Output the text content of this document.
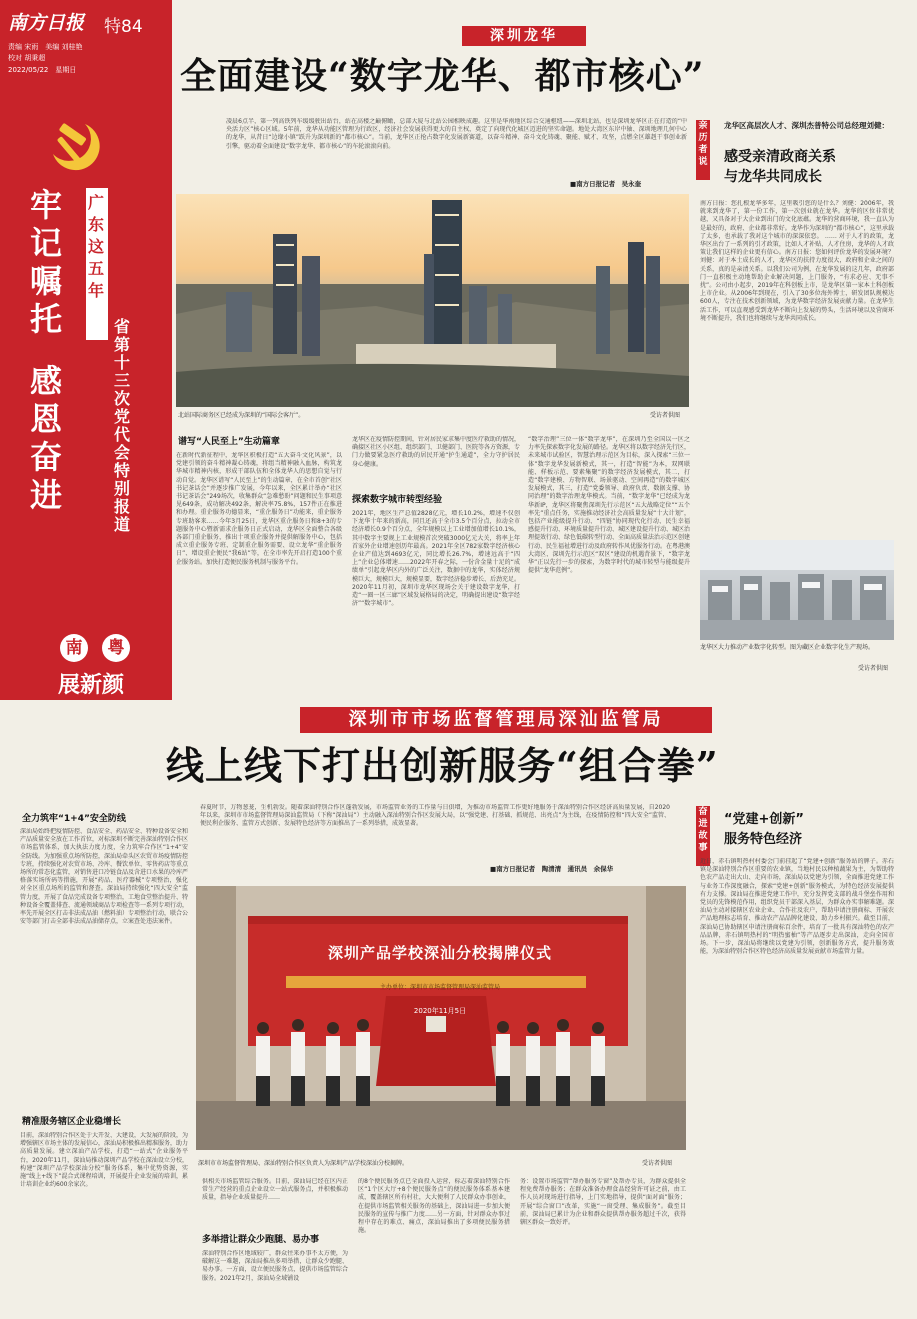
南方日报 特84
责编 宋雨　美编 刘桂艳
校对 胡秉超
2022/05/22　星期日
牢记嘱托
感恩奋进
广东这五年
省第十三次党代会特别报道
南	粤
展新颜
深圳龙华
全面建设“数字龙华、都市核心”
凌晨6点半，第一列高铁列车缓缓驶出站台，站在高楼之巅俯瞰，总部大厦与北站公园相映成趣。这里是华南地区综合交通枢纽——深圳北站，也是深圳龙华区正在打造的“中央活力区”核心区域。5年前，龙华从功能区管理为行政区，经济社会发展获得更大的自主权，奠定了向现代化城区迈进的坚实命题。地处大湾区东岸中轴、深圳地理几何中心的龙华，从昔日“边缘小镇”跃升为深圳新的“都市核心”。当前，龙华区正抢占数字化发展新赛道，以奋斗精神、奋斗文化铸魂、聚能、赋才、攻坚，点燃全区雄赳干事创业新引擎，驱动着全面建设“数字龙华、都市核心”的车轮滚滚向前。
■南方日报记者　吴永奎
北站国际商务区已经成为深圳的“国际会客厅”。	受访者供图
谱写“人民至上”生动篇章
在新时代新征程中，龙华区积极打造“五大奋斗文化风景”，以党建引领的奋斗精神凝心铸魂，将组当精神融入血脉，构筑龙华城市精神内核，形成干部队伍和全体龙华人的思想自觉与行动自觉。龙华区谱写“人民至上”的生动篇章，在全市首创“社区书记茶话会”并逐步推广发展，今年以来，全区累计举办“社区书记茶话会”249场次，收集群众“急难愁盼”问题和民生事项意见649条，成功解决492条，解决率75.8%，157件正在推进和办理。重企服务功德显来，“重企服务日”功能来，重企服务专班助客来……今年3月25日，龙华区重企服务日和8+3的专题服务中心暨新需求企服务日正式启动，龙华区全面整合各级各部门重企服务，推出十项重企服务并提供解服务中心，包括成立重企服务专班、定制重企服务需要、设立龙华“重企服务日”、增设重企便民“我6站”等，在全市率先开启打造100个重企服务站。加快打造便民服务机制与服务平台。
龙华区在疫情防控期间，针对居民家求集中度医疗救助的情况，确接区社区小区组、组织部门、卫健部门、医院等各方资源，专门力做要紧急医疗救助的居民开通“护生通道”，全力守护居民身心健康。
探索数字城市转型经验
2021年，地区生产总值2828亿元，增长10.2%，增速不仅创下龙华十年来的新高，同且还高于全市3.5个百分点，拉动全市经济增长0.9个百分点，全年规模以上工业增加值增长10.1%，其中数字主要规上工业规模首次突破3000亿元大关，将率上年首家外企业增速创历年最高。2021年全区782家数字经济核心企业产值达到4693亿元，同比增长26.7%，增速远高于“四上”企业总体增速……2022年开春之际，一份含金量十足的“成绩单”引起龙华区内外的广泛关注，数据中的龙华，实体经济规模巨大，规模巨大，规模显要，数字经济稳步增长、后劲充足。2020年11月初，深圳市龙华区现场会关于建设数字龙华，打造“一圈一区三廊”区域发展格局的决定，明确提出建设“数字经济”“数字城市”。
“数字治理”三位一体“数字龙华”，在深圳乃至全国以一区之力率先探索数字化发展的路径。龙华区将以数字经济先行区，未来城市试验区，智慧治理示范区为目标，深入探索“三位一体”数字龙华发展新模式，其一，打造“智能”为本，双网联能、样板示范、要素集聚”的数字经济发展模式，其二，打造“数字建模、方物智联、场景驱动、空间再造”的数字城区发展模式，其三，打造“党委领导、政府负责、数据支撑、协同治理”的数字治理龙华模式。当前，“数字龙华”已经成为龙华新IP，龙华区将聚焦深圳先行示范区“五大战略定位”“五个率先”重点任务，实施推动经济社会高质量发展“十大计划”，包括产业能级提升行动、“四链”协同现代化行动、民生幸福感提升行动、环境质量提升行动、城区建设提升行动、城区治理提效行动、绿色低碳转型行动、全面高质量法治示范区创建行动、民生福祉增进行动及政府转作风优服务行动。在粤港澳大湾区、深圳先行示范区“双区”建设的机遇背景下，“数字龙华”正以先行一步的探索，为数字时代的城市转型与能级提升提供“龙华范例”。
亲历者说
龙华区高层次人才、深圳杰普特公司总经理刘健：
感受亲清政商关系
与龙华共同成长
南方日报：您扎根龙华多年，这里吸引您的是什么？刘健：2006年，我就来到龙华了，第一份工作，第一次创业就在龙华。龙华的区位非常优越，又具备对于大企业到出门的文化底蕴。龙华的营商环境，我一直认为是最好的，政府、企业都非常好。龙华作为深圳的“都市核心”，这里承载了太多，也承载了我对这个城市的深深依恋。 …… 对于人才的政策，龙华区出台了一系列的引才政策，比如人才补贴、人才住房，龙华的人才政策让我们这样的企业更有信心。南方日报：您如何评价龙华的发展环境？刘健：对于本土成长的人才，龙华区的扶持力度很大，政府和企业之间的关系，真的是亲清关系。以我们公司为例，在龙华发展的这几年，政府部门一直积极主动地帮助企业解决问题，上门服务，“有求必应、无事不扰”。公司由小起步，2019年在科创板上市，是龙华区第一家本土科创板上市企业。从2006年到现在，引入了30多位海外博士，研发团队规模达600人，专注在技术创新领域，为龙华数字经济发展贡献力量。在龙华生活工作，可以直观感受到龙华不断向上发展的势头，生活环境以及营商环境不断提升，我们也将继续与龙华共同成长。
龙华区大力推动产业数字化转型。图为藏区企业数字化生产现场。
受访者供图
深圳市市场监督管理局深汕监管局
线上线下打出创新服务“组合拳”
全力筑牢“1+4”安全防线
深汕局始终把疫情防控、食品安全、药品安全、特种设备安全和产品质量安全放在工作首位，对标深圳不断完善深汕特别合作区市场监管体系，加大执法力度力度，全力筑牢合作区“1+4”安全防线。为加强重点场所防控，深汕局牵头区农贸市场疫情防控专班，持续强化对农贸市场、冷库、餐饮单位、零售药店等重点场所的常态化监管，对销售进口冷链食品及含进口水果的冷库严格落实场所码等措施，开展“药品、医疗器械”专项整治，强化对全区重点场所的监管和督查。深汕局持续强化“四大安全”监管力度，开展了食品完成设备专项整治，工地食堂整治提升、特种设备全覆盖排查、流通领域商品专项检查等一系列专项行动，率先开展全区打击非法成品油（燃料油）专项整治行动，联合公安等部门打击全部非法成品油储存点，立案查处违法案件。
精准服务辖区企业稳增长
目前，深汕特别合作区处于大开发、大建设，大发展的阶段，为增强辖区市场主体的发展信心，深汕局积极推出精准服务，助力高质量发展。建立深汕产品学校，打造“一站式”企业服务平台，2020年11月，深汕局推动深圳产品学校在深汕设立分校，构建“深圳产品学校深汕分校”服务体系，集中优势资源，实施“线上+线下”混合式课程培训，开展提升企业发展的培训，累计培训企业约600余家次。
春夏时节，万物葱茏，生机勃发。随着深汕特别合作区蓬勃发展，市场监管业务的工作量与日俱增，为推动市场监管工作更好地服务于深汕特别合作区经济高质量发展，自2020年以来，深圳市市场监督管理局深汕监管局（下称“深汕局”）主动融入深汕特别合作区发展大局，以“强党建、打基础、抓规范、出亮点”为主线，在疫情防控和“四大安全”监管、便民利企服务、监管方式创新、发展特色经济等方面推出了一系列举措，成效显著。
■南方日报记者　陶清清　通讯员　余保华
深圳产品学校深汕分校揭牌仪式
主办单位：深圳市市场监督管理局深汕监管局
2020年11月5日
深圳市市场监督管理局、深汕特别合作区负责人为深圳产品学校深汕分校揭牌。	受访者供图
供相关市场监管综合服务。目前，深汕局已经在区内正常生产经营的重点企业设立一站式服务点，并积极推动质量，指导企业质量提升……
多举措让群众少跑腿、易办事
深汕特别合作区地域较广，群众往来办事不太方便，为破解这一难题，深汕局推出多项举措，让群众少跑腿、易办事。一方面，设立便民服务点，提供市场监管综合服务。2021年2月，深汕局全域铺设
的8个便民服务点已全面投入运营，标志着深汕特别合作区“1个区大厅+8个便民服务点”的便民服务体系基本建成，覆盖辖区所有村社，大大便利了人民群众办事创业，在提供市场监管相关服务的基础上，深汕局进一步加大便民服务的宣传与推广力度……另一方面，针对群众办事过程中存在的难点、痛点，深汕局推出了多项便民服务措施。
务：设置市场监管“帮办服务专窗”及帮办专员，为群众提供全程免费帮办服务；在群众准备办理食品经营许可证之前，由工作人员对现场进行指导，上门实地指导，提供“面对面”服务；开展“综合窗口”改革，实施“一窗受理、集成服务”。截至目前，深汕局已累计为企业和群众提供帮办服务超过千次，获得辖区群众一致好评。
奋进故事
“党建+创新”
服务特色经济
近日，赤石镇明热村村委会门前挂起了“党建+创新”服务站的牌子。赤石镇是深汕特别合作区重要的农业镇，当地村民以种植蔬果为主，为帮助特色农产品走出大山、走向市场，深汕局以党建为引领，全面推进党建工作与业务工作深度融合，探索“党建+创新”服务模式，为特色经济发展提供有力支撑。深汕局在推进党建工作中，充分发挥党支部的战斗堡垒作用和党员的先锋模范作用，组织党员干部深入基层，为群众办实事解难题。深汕局主动对接辖区农业企业、合作社及农户，帮助申请注册商标、开展农产品地理标志培育、推动农产品品牌化建设，助力乡村振兴。截至目前，深汕局已协助辖区申请注册商标百余件，培育了一批具有深汕特色的农产品品牌，赤石镇明热村的“明热蜜柚”等产品逐步走出深汕，走向全国市场。下一步，深汕局将继续以党建为引领，创新服务方式，提升服务效能，为深汕特别合作区特色经济高质量发展贡献市场监管力量。
